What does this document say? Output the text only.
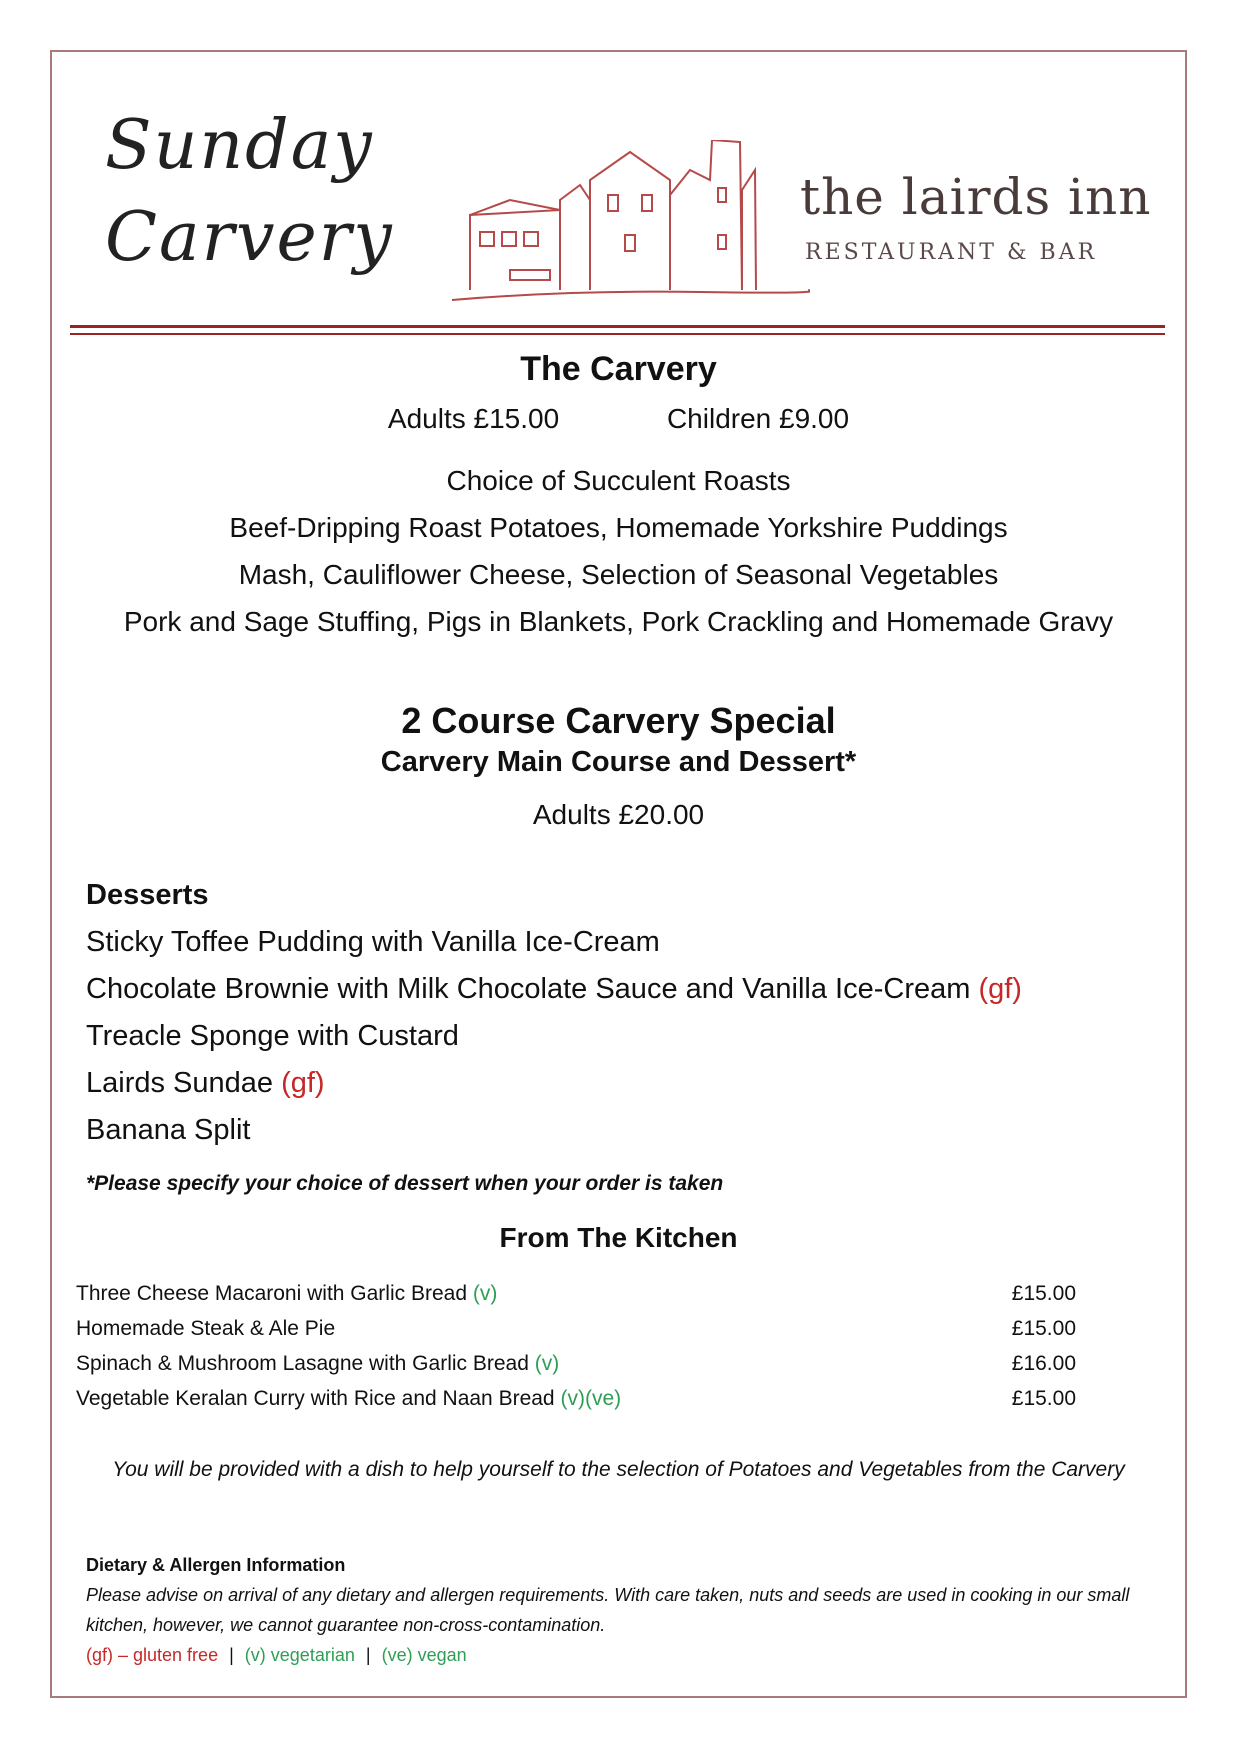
Sunday
Carvery
the lairds inn
RESTAURANT & BAR
The Carvery
Adults £15.00	Children £9.00
Choice of Succulent Roasts
Beef-Dripping Roast Potatoes, Homemade Yorkshire Puddings
Mash, Cauliflower Cheese, Selection of Seasonal Vegetables
Pork and Sage Stuffing, Pigs in Blankets, Pork Crackling and Homemade Gravy
2 Course Carvery Special
Carvery Main Course and Dessert*
Adults £20.00
Desserts
Sticky Toffee Pudding with Vanilla Ice-Cream
Chocolate Brownie with Milk Chocolate Sauce and Vanilla Ice-Cream (gf)
Treacle Sponge with Custard
Lairds Sundae (gf)
Banana Split
*Please specify your choice of dessert when your order is taken
From The Kitchen
Three Cheese Macaroni with Garlic Bread (v)	£15.00
Homemade Steak & Ale Pie	£15.00
Spinach & Mushroom Lasagne with Garlic Bread (v)	£16.00
Vegetable Keralan Curry with Rice and Naan Bread (v)(ve)	£15.00
You will be provided with a dish to help yourself to the selection of Potatoes and Vegetables from the Carvery
Dietary & Allergen Information
Please advise on arrival of any dietary and allergen requirements. With care taken, nuts and seeds are used in cooking in our small kitchen, however, we cannot guarantee non-cross-contamination.
(gf) – gluten free | (v) vegetarian | (ve) vegan
